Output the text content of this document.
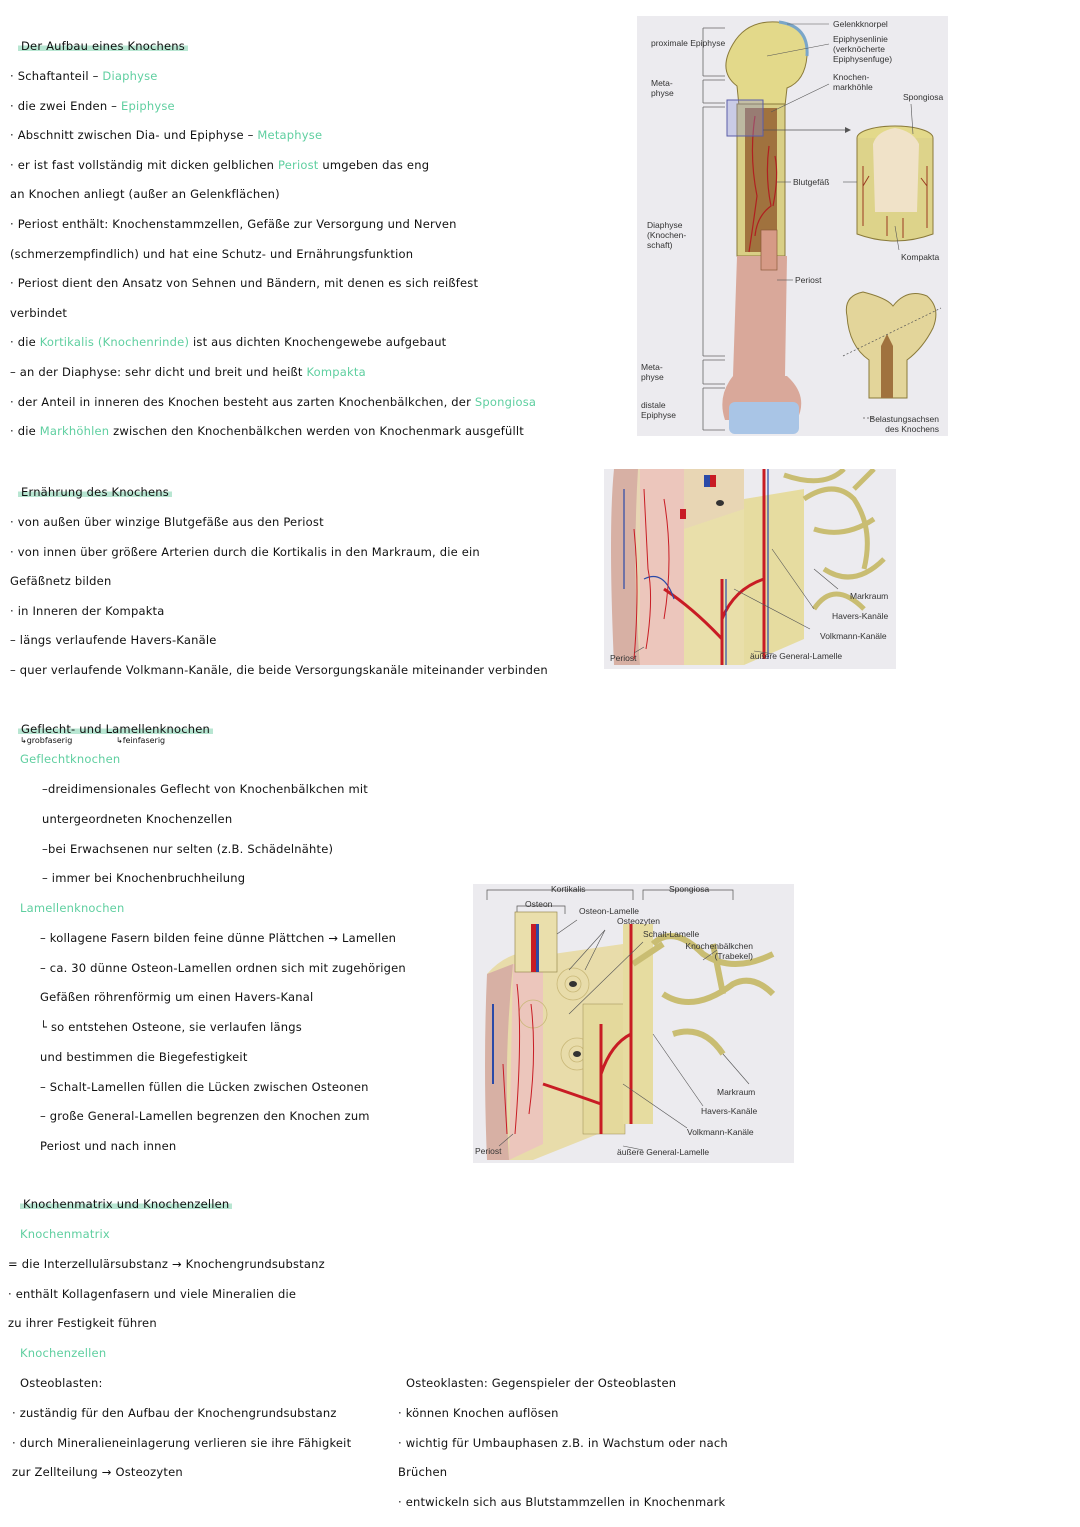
Der Aufbau eines Knochens
· Schaftanteil – Diaphyse
· die zwei Enden – Epiphyse
· Abschnitt zwischen Dia- und Epiphyse – Metaphyse
· er ist fast vollständig mit dicken gelblichen Periost umgeben das eng
an Knochen anliegt (außer an Gelenkflächen)
· Periost enthält: Knochenstammzellen, Gefäße zur Versorgung und Nerven
(schmerzempfindlich) und hat eine Schutz- und Ernährungsfunktion
· Periost dient den Ansatz von Sehnen und Bändern, mit denen es sich reißfest
verbindet
· die Kortikalis (Knochenrinde) ist aus dichten Knochengewebe aufgebaut
– an der Diaphyse: sehr dicht und breit und heißt Kompakta
· der Anteil in inneren des Knochen besteht aus zarten Knochenbälkchen, der Spongiosa
· die Markhöhlen zwischen den Knochenbälkchen werden von Knochenmark ausgefüllt
proximale Epiphyse
Meta-physe
Diaphyse (Knochen-schaft)
Meta-physe
distale Epiphyse
Gelenkknorpel
Epiphysenlinie (verknöcherte Epiphysenfuge)
Knochen-markhöhle
Spongiosa
Blutgefäß
Kompakta
Periost
Belastungsachsen des Knochens
Ernährung des Knochens
· von außen über winzige Blutgefäße aus den Periost
· von innen über größere Arterien durch die Kortikalis in den Markraum, die ein
Gefäßnetz bilden
· in Inneren der Kompakta
– längs verlaufende Havers-Kanäle
– quer verlaufende Volkmann-Kanäle, die beide Versorgungskanäle miteinander verbinden
Markraum
Havers-Kanäle
Volkmann-Kanäle
Periost	äußere General-Lamelle
Geflecht- und Lamellenknochen
↳grobfaserig	↳feinfaserig
Geflechtknochen
–dreidimensionales Geflecht von Knochenbälkchen mit
untergeordneten Knochenzellen
–bei Erwachsenen nur selten (z.B. Schädelnähte)
– immer bei Knochenbruchheilung
Lamellenknochen
– kollagene Fasern bilden feine dünne Plättchen → Lamellen
– ca. 30 dünne Osteon-Lamellen ordnen sich mit zugehörigen
Gefäßen röhrenförmig um einen Havers-Kanal
└ so entstehen Osteone, sie verlaufen längs
und bestimmen die Biegefestigkeit
– Schalt-Lamellen füllen die Lücken zwischen Osteonen
– große General-Lamellen begrenzen den Knochen zum
Periost und nach innen
Kortikalis	Spongiosa
Osteon
Osteon-Lamelle
Osteozyten
Schalt-Lamelle
Knochenbälkchen (Trabekel)
Markraum
Havers-Kanäle
Volkmann-Kanäle
Periost	äußere General-Lamelle
Knochenmatrix und Knochenzellen
Knochenmatrix
= die Interzellulärsubstanz → Knochengrundsubstanz
· enthält Kollagenfasern und viele Mineralien die
zu ihrer Festigkeit führen
Knochenzellen
Osteoblasten:
· zuständig für den Aufbau der Knochengrundsubstanz
· durch Mineralieneinlagerung verlieren sie ihre Fähigkeit
zur Zellteilung → Osteozyten
Osteoklasten: Gegenspieler der Osteoblasten
· können Knochen auflösen
· wichtig für Umbauphasen z.B. in Wachstum oder nach
Brüchen
· entwickeln sich aus Blutstammzellen in Knochenmark
